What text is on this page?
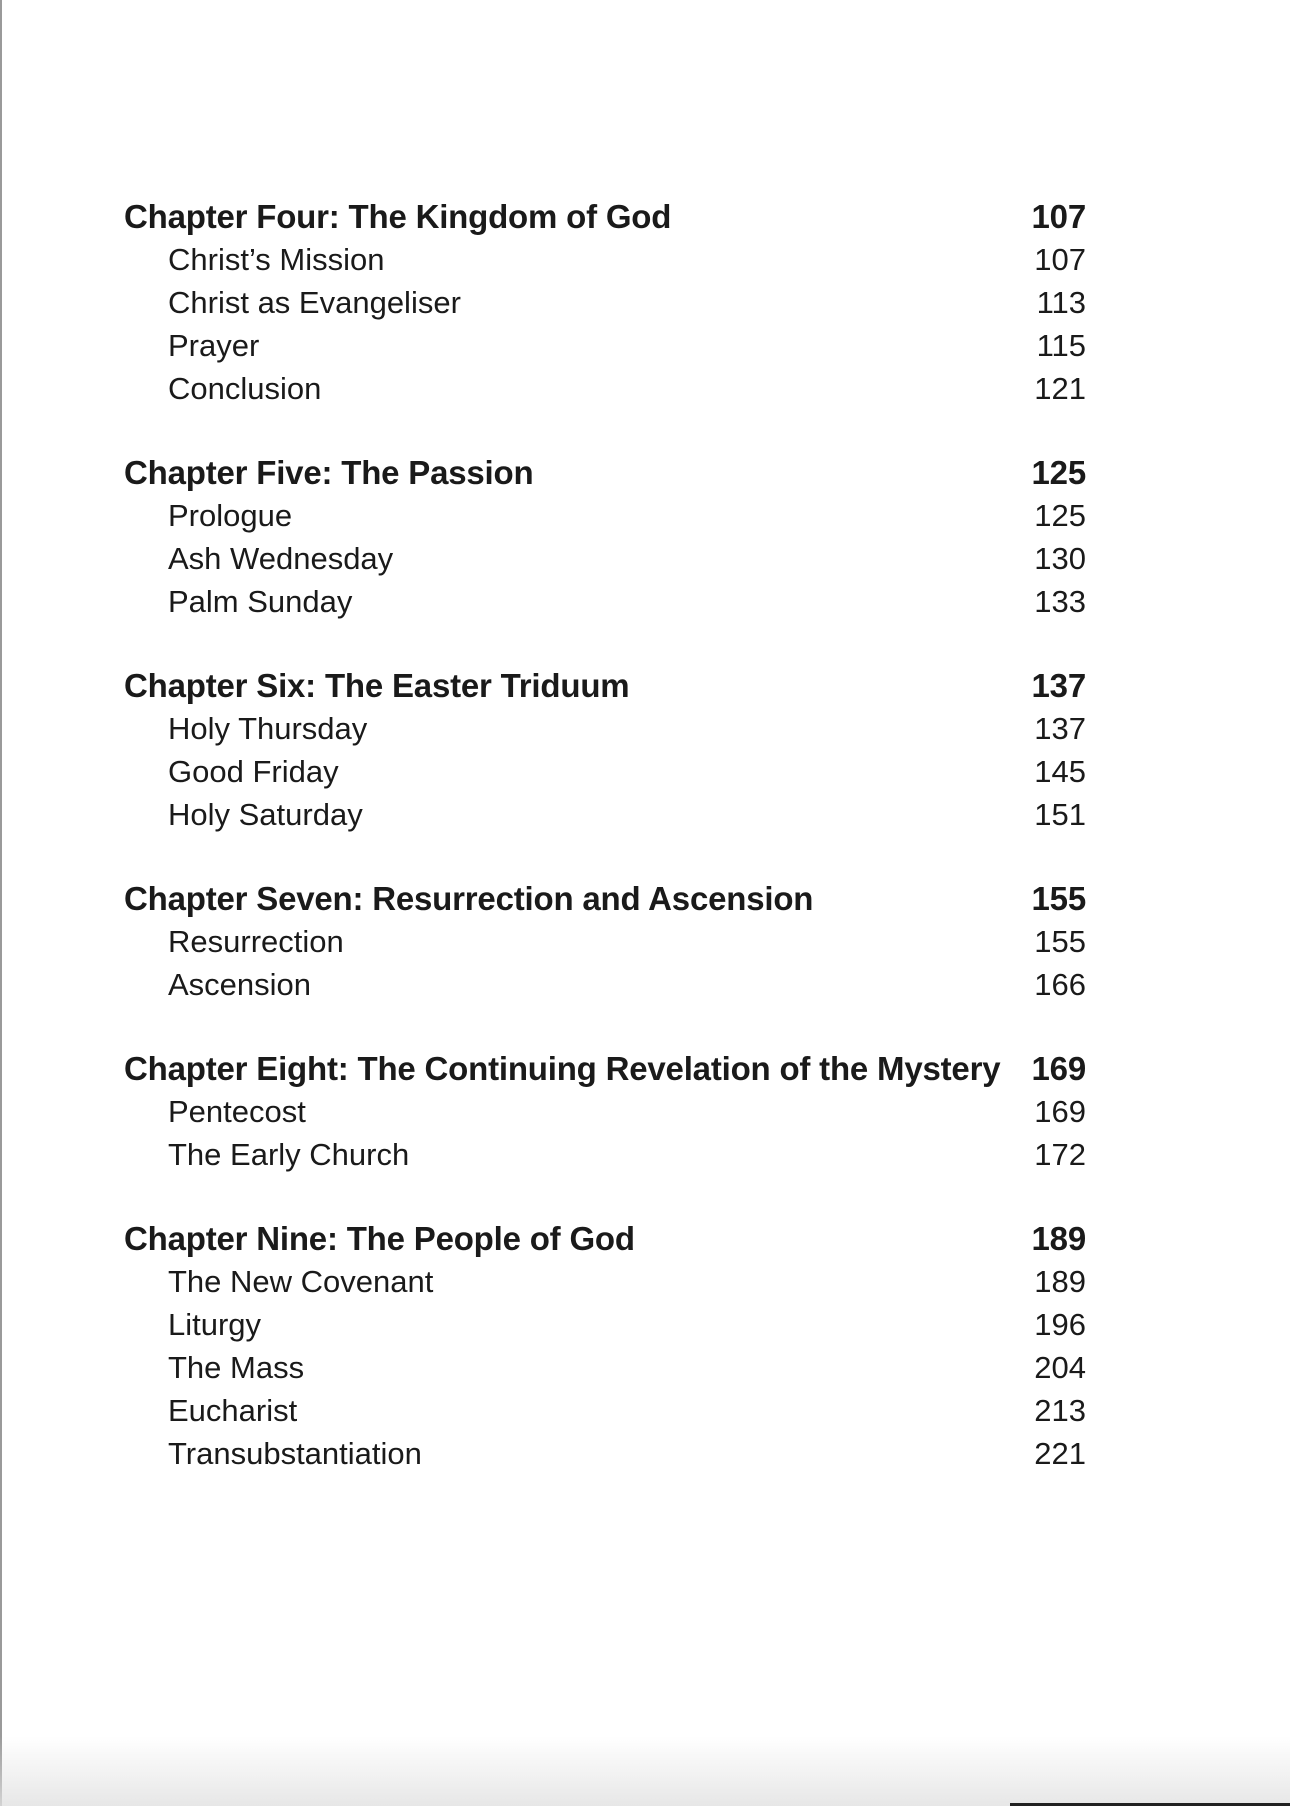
Chapter Four: The Kingdom of God	107
Christ’s Mission	107
Christ as Evangeliser	113
Prayer	115
Conclusion	121
Chapter Five: The Passion	125
Prologue	125
Ash Wednesday	130
Palm Sunday	133
Chapter Six: The Easter Triduum	137
Holy Thursday	137
Good Friday	145
Holy Saturday	151
Chapter Seven: Resurrection and Ascension	155
Resurrection	155
Ascension	166
Chapter Eight: The Continuing Revelation of the Mystery 169
Pentecost	169
The Early Church	172
Chapter Nine: The People of God	189
The New Covenant	189
Liturgy	196
The Mass	204
Eucharist	213
Transubstantiation	221
